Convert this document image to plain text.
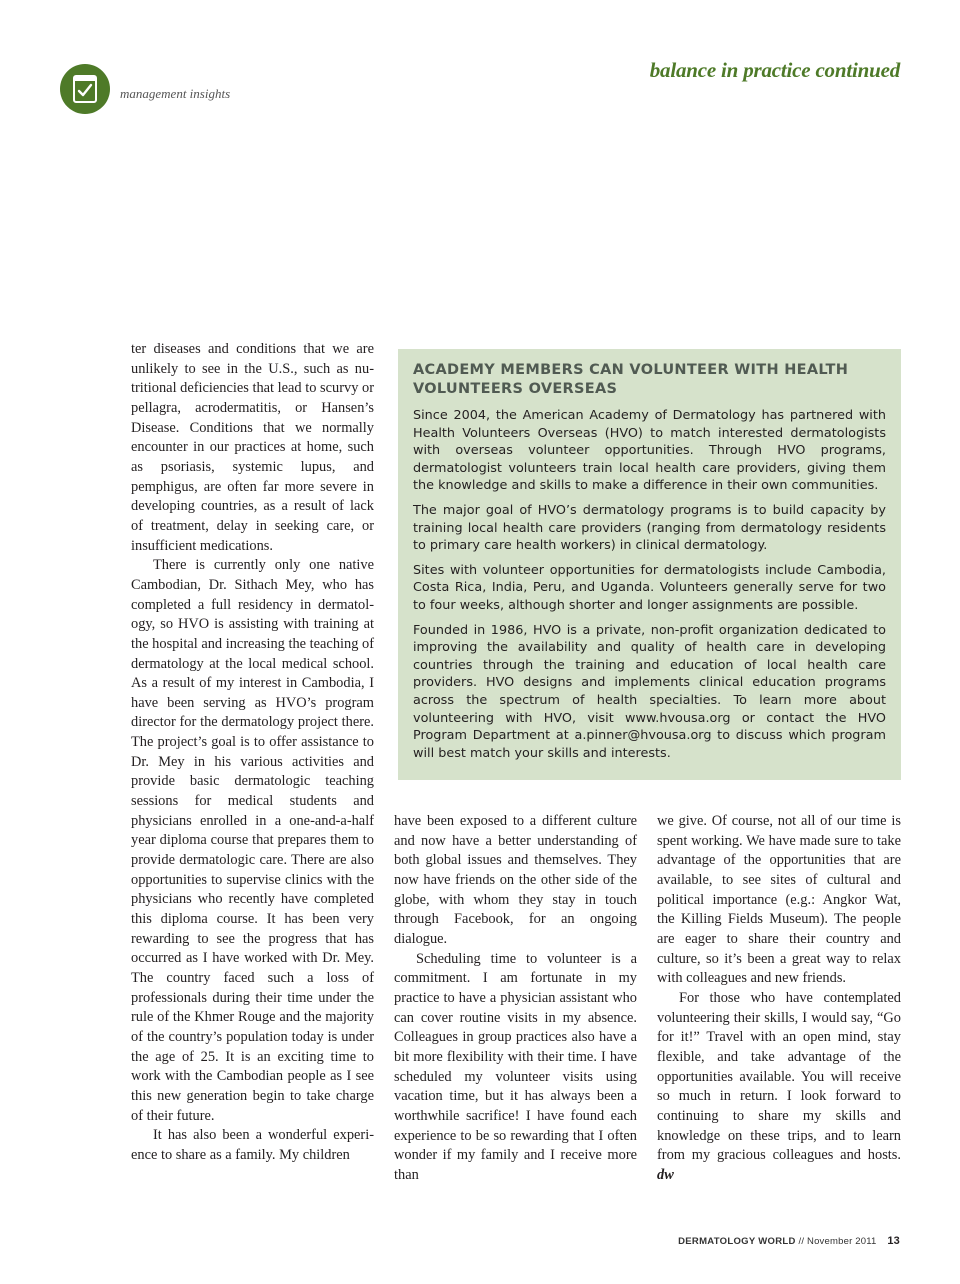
management insights
balance in practice continued

ter diseases and conditions that we are unlikely to see in the U.S., such as nutritional deficiencies that lead to scurvy or pellagra, acrodermatitis, or Hansen’s Disease. Conditions that we normally encounter in our practices at home, such as psoriasis, systemic lupus, and pemphigus, are often far more severe in developing countries, as a result of lack of treatment, delay in seeking care, or insufficient medications.

There is currently only one native Cambodian, Dr. Sithach Mey, who has completed a full residency in dermatology, so HVO is assisting with training at the hospital and increasing the teaching of dermatology at the local medical school. As a result of my interest in Cambodia, I have been serving as HVO’s program director for the dermatology project there. The project’s goal is to offer assistance to Dr. Mey in his various activities and provide basic dermatologic teaching sessions for medical students and physicians enrolled in a one-and-a-half year diploma course that prepares them to provide dermatologic care. There are also opportunities to supervise clinics with the physicians who recently have completed this diploma course. It has been very rewarding to see the progress that has occurred as I have worked with Dr. Mey. The country faced such a loss of professionals during their time under the rule of the Khmer Rouge and the majority of the country’s population today is under the age of 25. It is an exciting time to work with the Cambodian people as I see this new generation begin to take charge of their future.

It has also been a wonderful experience to share as a family. My children

ACADEMY MEMBERS CAN VOLUNTEER WITH HEALTH VOLUNTEERS OVERSEAS

Since 2004, the American Academy of Dermatology has partnered with Health Volunteers Overseas (HVO) to match interested dermatologists with overseas volunteer opportunities. Through HVO programs, dermatologist volunteers train local health care providers, giving them the knowledge and skills to make a difference in their own communities.

The major goal of HVO’s dermatology programs is to build capacity by training local health care providers (ranging from dermatology residents to primary care health workers) in clinical dermatology.

Sites with volunteer opportunities for dermatologists include Cambodia, Costa Rica, India, Peru, and Uganda. Volunteers generally serve for two to four weeks, although shorter and longer assignments are possible.

Founded in 1986, HVO is a private, non-profit organization dedicated to improving the availability and quality of health care in developing countries through the training and education of local health care providers. HVO designs and implements clinical education programs across the spectrum of health specialties. To learn more about volunteering with HVO, visit www.hvousa.org or contact the HVO Program Department at a.pinner@hvousa.org to discuss which program will best match your skills and interests.

have been exposed to a different culture and now have a better understanding of both global issues and themselves. They now have friends on the other side of the globe, with whom they stay in touch through Facebook, for an ongoing dialogue.

Scheduling time to volunteer is a commitment. I am fortunate in my practice to have a physician assistant who can cover routine visits in my absence. Colleagues in group practices also have a bit more flexibility with their time. I have scheduled my volunteer visits using vacation time, but it has always been a worthwhile sacrifice! I have found each experience to be so rewarding that I often wonder if my family and I receive more than

we give. Of course, not all of our time is spent working. We have made sure to take advantage of the opportunities that are available, to see sites of cultural and political importance (e.g.: Angkor Wat, the Killing Fields Museum). The people are eager to share their country and culture, so it’s been a great way to relax with colleagues and new friends.

For those who have contemplated volunteering their skills, I would say, “Go for it!” Travel with an open mind, stay flexible, and take advantage of the opportunities available. You will receive so much in return. I look forward to continuing to share my skills and knowledge on these trips, and to learn from my gracious colleagues and hosts. dw

DERMATOLOGY WORLD // November 2011 13
